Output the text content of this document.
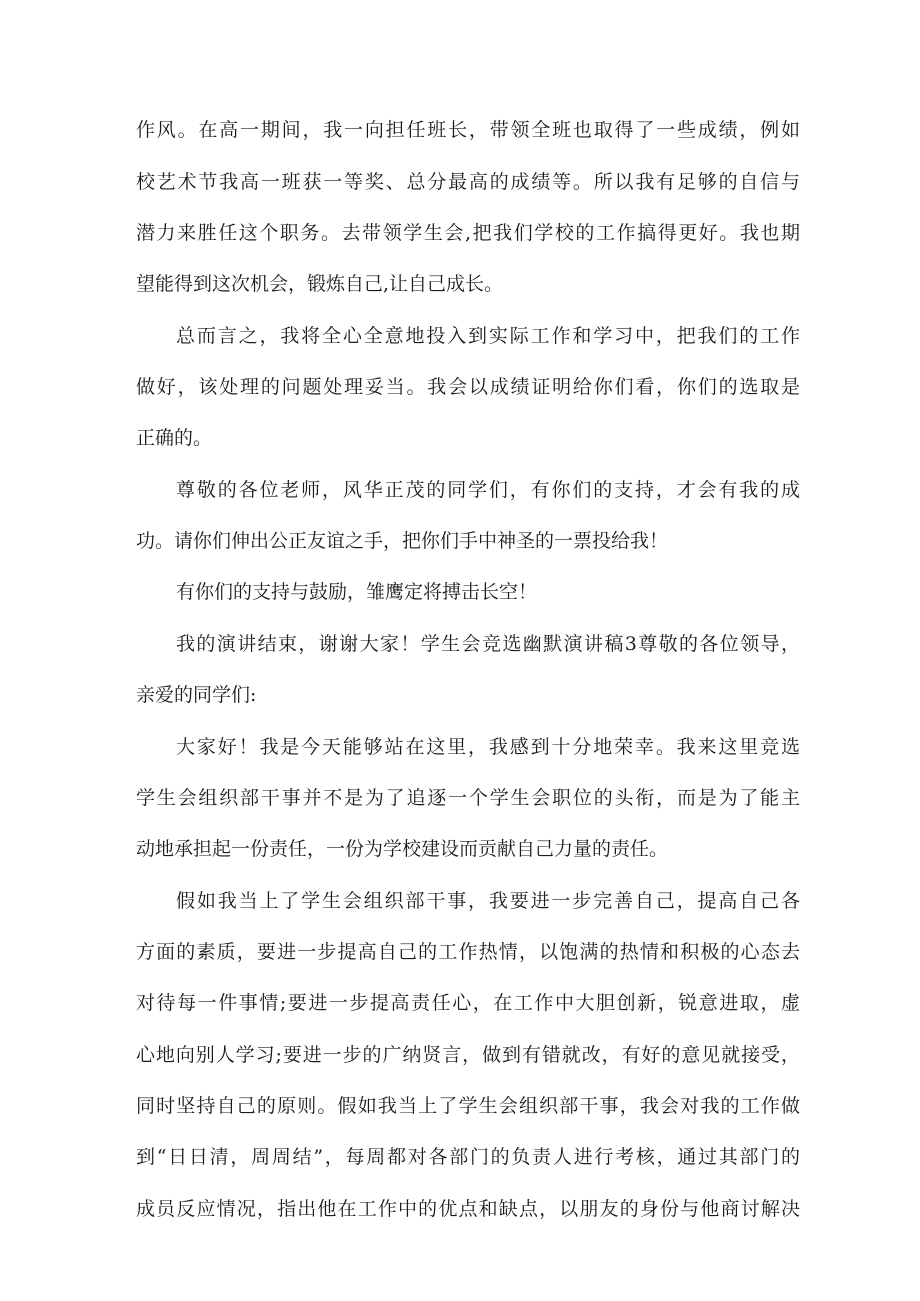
作风。在高一期间，我一向担任班长，带领全班也取得了一些成绩，例如
校艺术节我高一班获一等奖、总分最高的成绩等。所以我有足够的自信与
潜力来胜任这个职务。去带领学生会,把我们学校的工作搞得更好。我也期
望能得到这次机会，锻炼自己,让自己成长。
总而言之，我将全心全意地投入到实际工作和学习中，把我们的工作
做好，该处理的问题处理妥当。我会以成绩证明给你们看，你们的选取是
正确的。
尊敬的各位老师，风华正茂的同学们，有你们的支持，才会有我的成
功。请你们伸出公正友谊之手，把你们手中神圣的一票投给我！
有你们的支持与鼓励，雏鹰定将搏击长空！
我的演讲结束，谢谢大家！学生会竞选幽默演讲稿3尊敬的各位领导，
亲爱的同学们:
大家好！我是今天能够站在这里，我感到十分地荣幸。我来这里竞选
学生会组织部干事并不是为了追逐一个学生会职位的头衔，而是为了能主
动地承担起一份责任，一份为学校建设而贡献自己力量的责任。
假如我当上了学生会组织部干事，我要进一步完善自己，提高自己各
方面的素质，要进一步提高自己的工作热情，以饱满的热情和积极的心态去
对待每一件事情;要进一步提高责任心，在工作中大胆创新，锐意进取，虚
心地向别人学习;要进一步的广纳贤言，做到有错就改，有好的意见就接受，
同时坚持自己的原则。假如我当上了学生会组织部干事，我会对我的工作做
到“日日清，周周结”，每周都对各部门的负责人进行考核，通过其部门的
成员反应情况，指出他在工作中的优点和缺点，以朋友的身份与他商讨解决
